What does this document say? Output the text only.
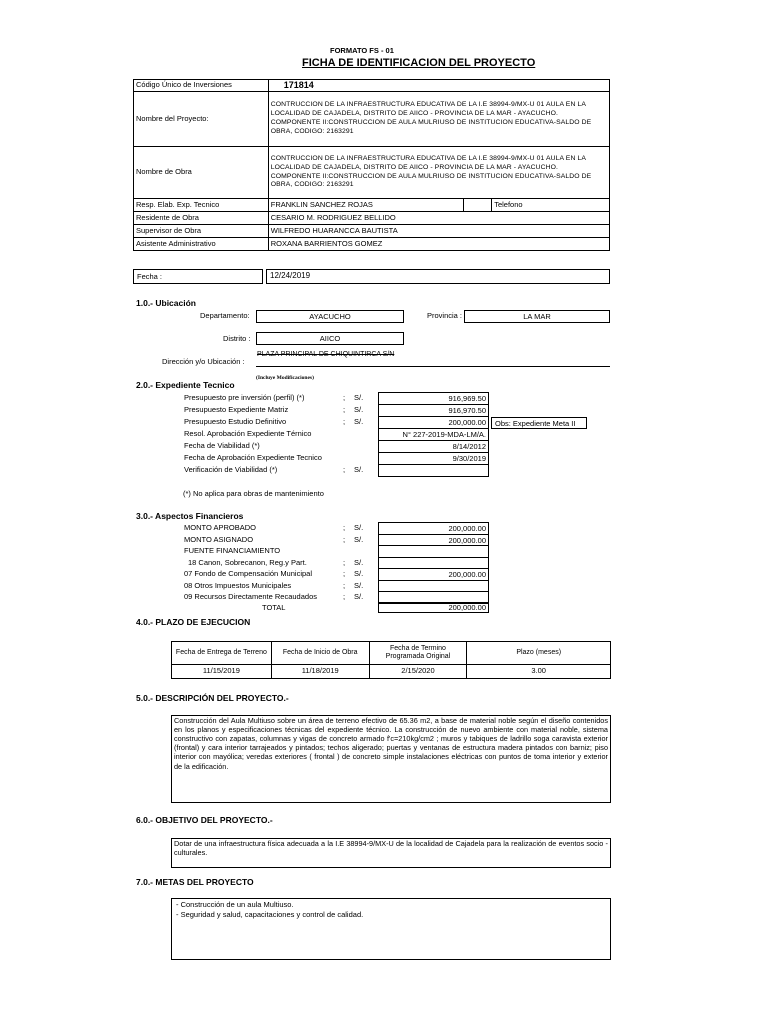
FORMATO FS - 01
FICHA DE IDENTIFICACION DEL PROYECTO
Código Único de Inversiones	171814		
Nombre del Proyecto:	CONTRUCCION DE LA INFRAESTRUCTURA EDUCATIVA DE LA I.E 38994-9/MX-U 01 AULA EN LA LOCALIDAD DE CAJADELA, DISTRITO DE AIICO - PROVINCIA DE LA MAR - AYACUCHO. COMPONENTE II:CONSTRUCCION DE AULA MULRIUSO DE INSTITUCION EDUCATIVA-SALDO DE OBRA, CODIGO: 2163291		
Nombre de Obra	CONTRUCCION DE LA INFRAESTRUCTURA EDUCATIVA DE LA I.E 38994-9/MX-U 01 AULA EN LA LOCALIDAD DE CAJADELA, DISTRITO DE AIICO - PROVINCIA DE LA MAR - AYACUCHO. COMPONENTE II:CONSTRUCCION DE AULA MULRIUSO DE INSTITUCION EDUCATIVA-SALDO DE OBRA, CODIGO: 2163291		
Resp. Elab. Exp. Tecnico	FRANKLIN SANCHEZ ROJAS		Telefono
Residente de Obra	CESARIO M. RODRIGUEZ BELLIDO		
Supervisor de Obra	WILFREDO HUARANCCA BAUTISTA		
Asistente Administrativo	ROXANA BARRIENTOS GOMEZ		
Fecha :	12/24/2019
1.0.- Ubicación
Departamento:	AYACUCHO	Provincia :	LA MAR
Distrito :	AIICO
Dirección y/o Ubicación :
PLAZA PRINCIPAL DE CHIQUINTIRCA S/N
(Incluye Modificaciones)
2.0.- Expediente Tecnico
Presupuesto pre inversión (perfil) (*)	; S/.	916,969.50
Presupuesto Expediente Matriz	; S/.	916,970.50
Presupuesto Estudio Definitivo	; S/.	200,000.00
Resol. Aprobación Expediente Térnico	N° 227-2019-MDA-LM/A.
Fecha de Viabilidad (*)	8/14/2012
Fecha de Aprobación Expediente Tecnico	9/30/2019
Verificación de Viabilidad (*)	; S/.
Obs: Expediente Meta II
(*) No aplica para obras de mantenimiento
3.0.- Aspectos Financieros
MONTO APROBADO	; S/.	200,000.00
MONTO ASIGNADO	; S/.	200,000.00
FUENTE FINANCIAMIENTO
18 Canon, Sobrecanon, Reg.y Part.	; S/.
07 Fondo de Compensación Municipal	; S/.	200,000.00
08 Otros Impuestos Municipales	; S/.
09 Recursos Directamente Recaudados	; S/.
TOTAL	200,000.00
4.0.- PLAZO DE EJECUCION
Fecha de Entrega de Terreno	Fecha de Inicio de Obra	Fecha de Termino Programada Original	Plazo (meses)
11/15/2019	11/18/2019	2/15/2020	3.00
5.0.- DESCRIPCIÓN DEL PROYECTO.-
Construcción del Aula Multiuso sobre un área de terreno efectivo de 65.36 m2, a base de material noble según el diseño contenidos en los planos y especificaciones técnicas del expediente técnico. La construcción de nuevo ambiente con material noble, sistema constructivo con zapatas, columnas y vigas de concreto armado f'c=210kg/cm2 ; muros y tabiques de ladrillo soga caravista exterior (frontal) y cara interior tarrajeados y pintados; techos aligerado; puertas y ventanas de estructura madera pintados con barniz; piso interior con mayólica; veredas exteriores ( frontal ) de concreto simple instalaciones eléctricas con puntos de toma interior y exterior de la edificación.
6.0.- OBJETIVO DEL PROYECTO.-
Dotar de una infraestructura física adecuada a la I.E 38994-9/MX-U de la localidad de Cajadela para la realización de eventos socio - culturales.
7.0.- METAS DEL PROYECTO
- Construcción de un aula Multiuso.
- Seguridad y salud, capacitaciones y control de calidad.
